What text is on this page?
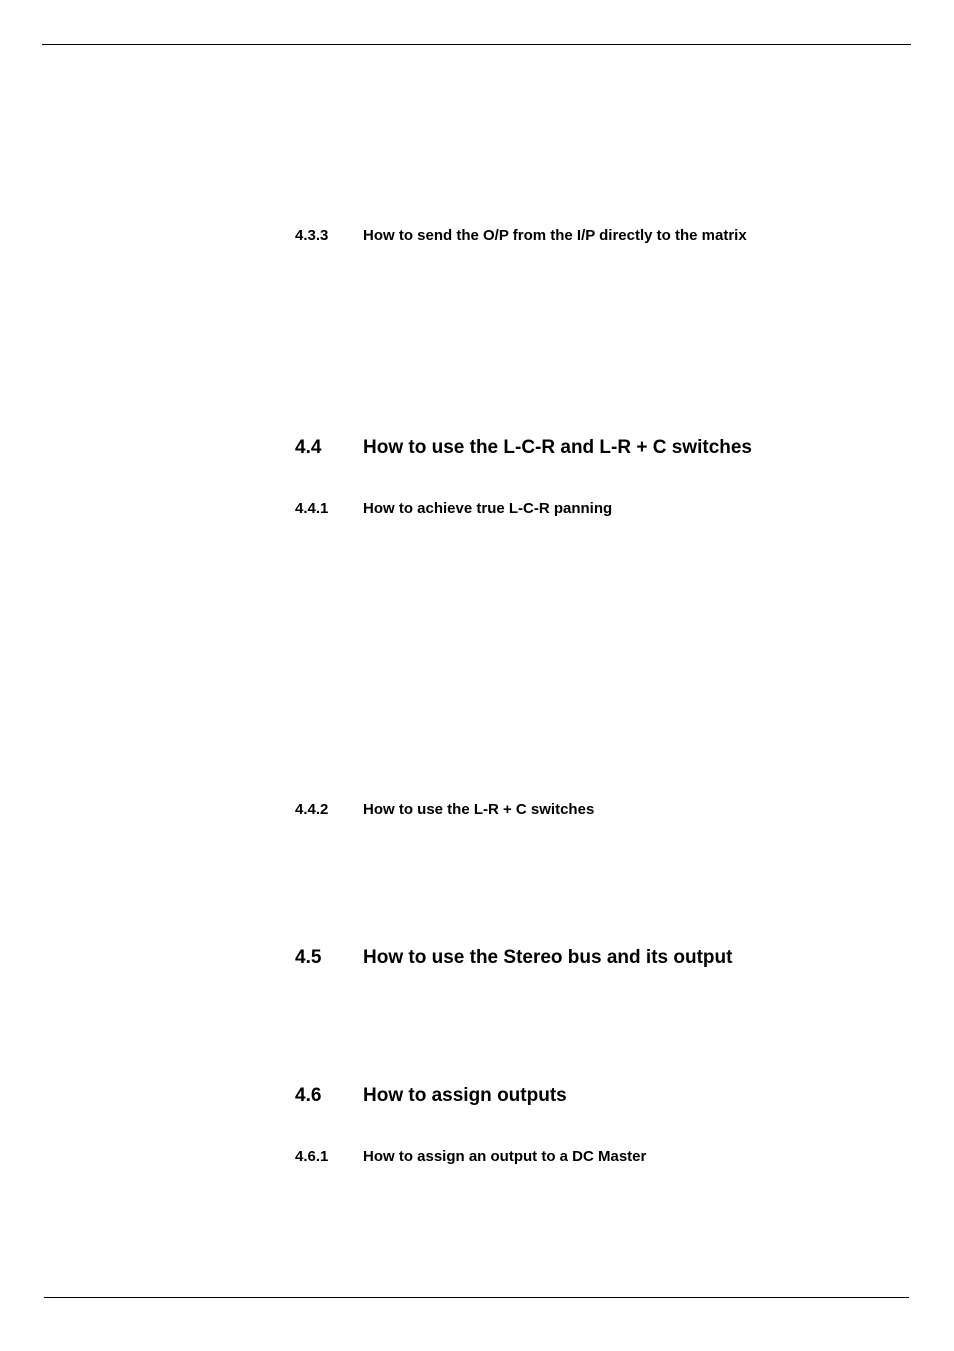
4.3.3	How to send the O/P from the I/P directly to the matrix
4.4	How to use the L-C-R and L-R + C switches
4.4.1	How to achieve true L-C-R panning
4.4.2	How to use the L-R + C switches
4.5	How to use the Stereo bus and its output
4.6	How to assign outputs
4.6.1	How to assign an output to a DC Master
